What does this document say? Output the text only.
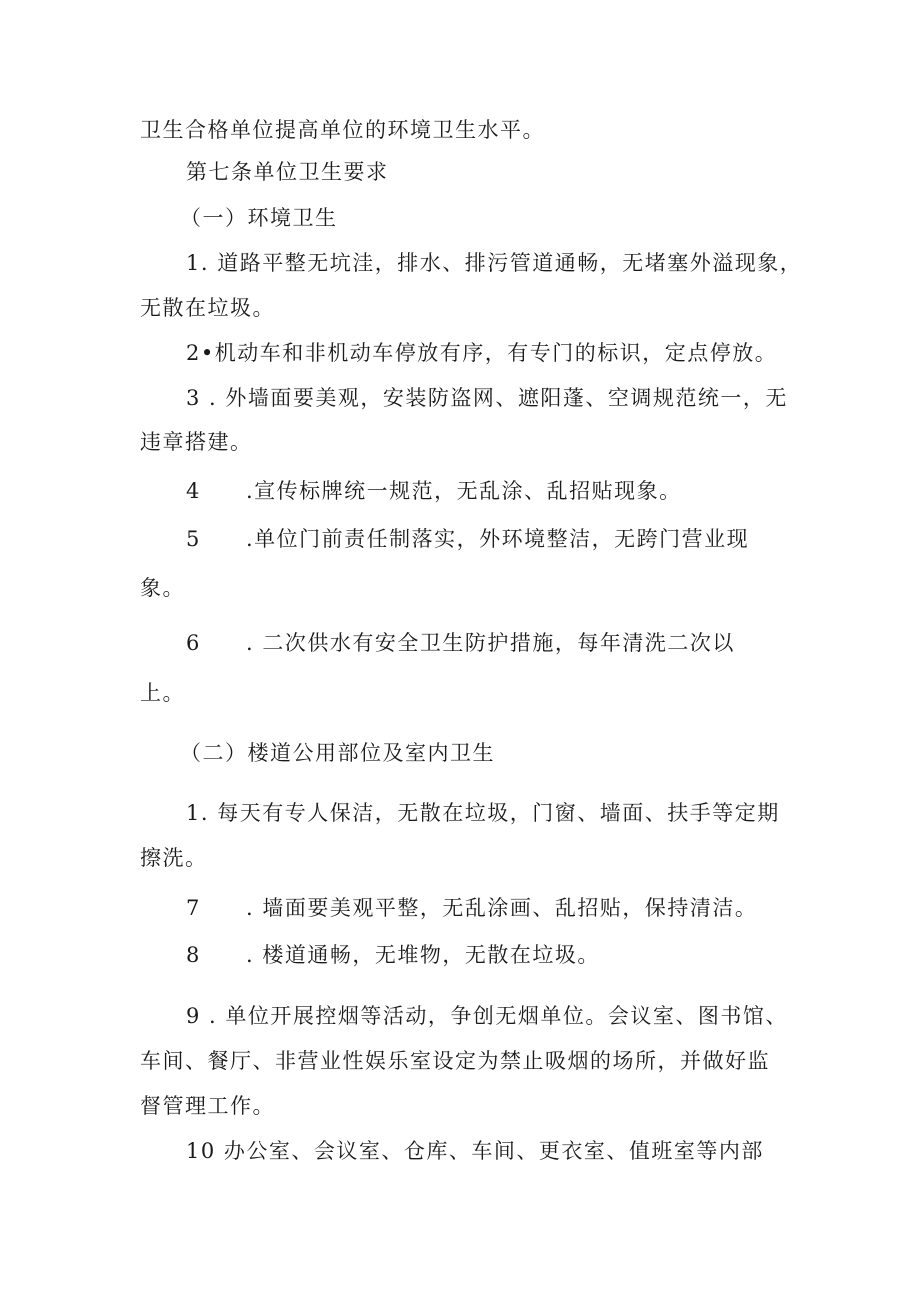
卫生合格单位提高单位的环境卫生水平。
第七条单位卫生要求
（一）环境卫生
1. 道路平整无坑洼，排水、排污管道通畅，无堵塞外溢现象，
无散在垃圾。
2•机动车和非机动车停放有序，有专门的标识，定点停放。
3 . 外墙面要美观，安装防盗网、遮阳蓬、空调规范统一，无
违章搭建。
4 .宣传标牌统一规范，无乱涂、乱招贴现象。
5 .单位门前责任制落实，外环境整洁，无跨门营业现
象。
6 . 二次供水有安全卫生防护措施，每年清洗二次以
上。
（二）楼道公用部位及室内卫生
1. 每天有专人保洁，无散在垃圾，门窗、墙面、扶手等定期
擦洗。
7 . 墙面要美观平整，无乱涂画、乱招贴，保持清洁。
8 . 楼道通畅，无堆物，无散在垃圾。
9 . 单位开展控烟等活动，争创无烟单位。会议室、图书馆、
车间、餐厅、非营业性娱乐室设定为禁止吸烟的场所，并做好监
督管理工作。
10 办公室、会议室、仓库、车间、更衣室、值班室等内部
